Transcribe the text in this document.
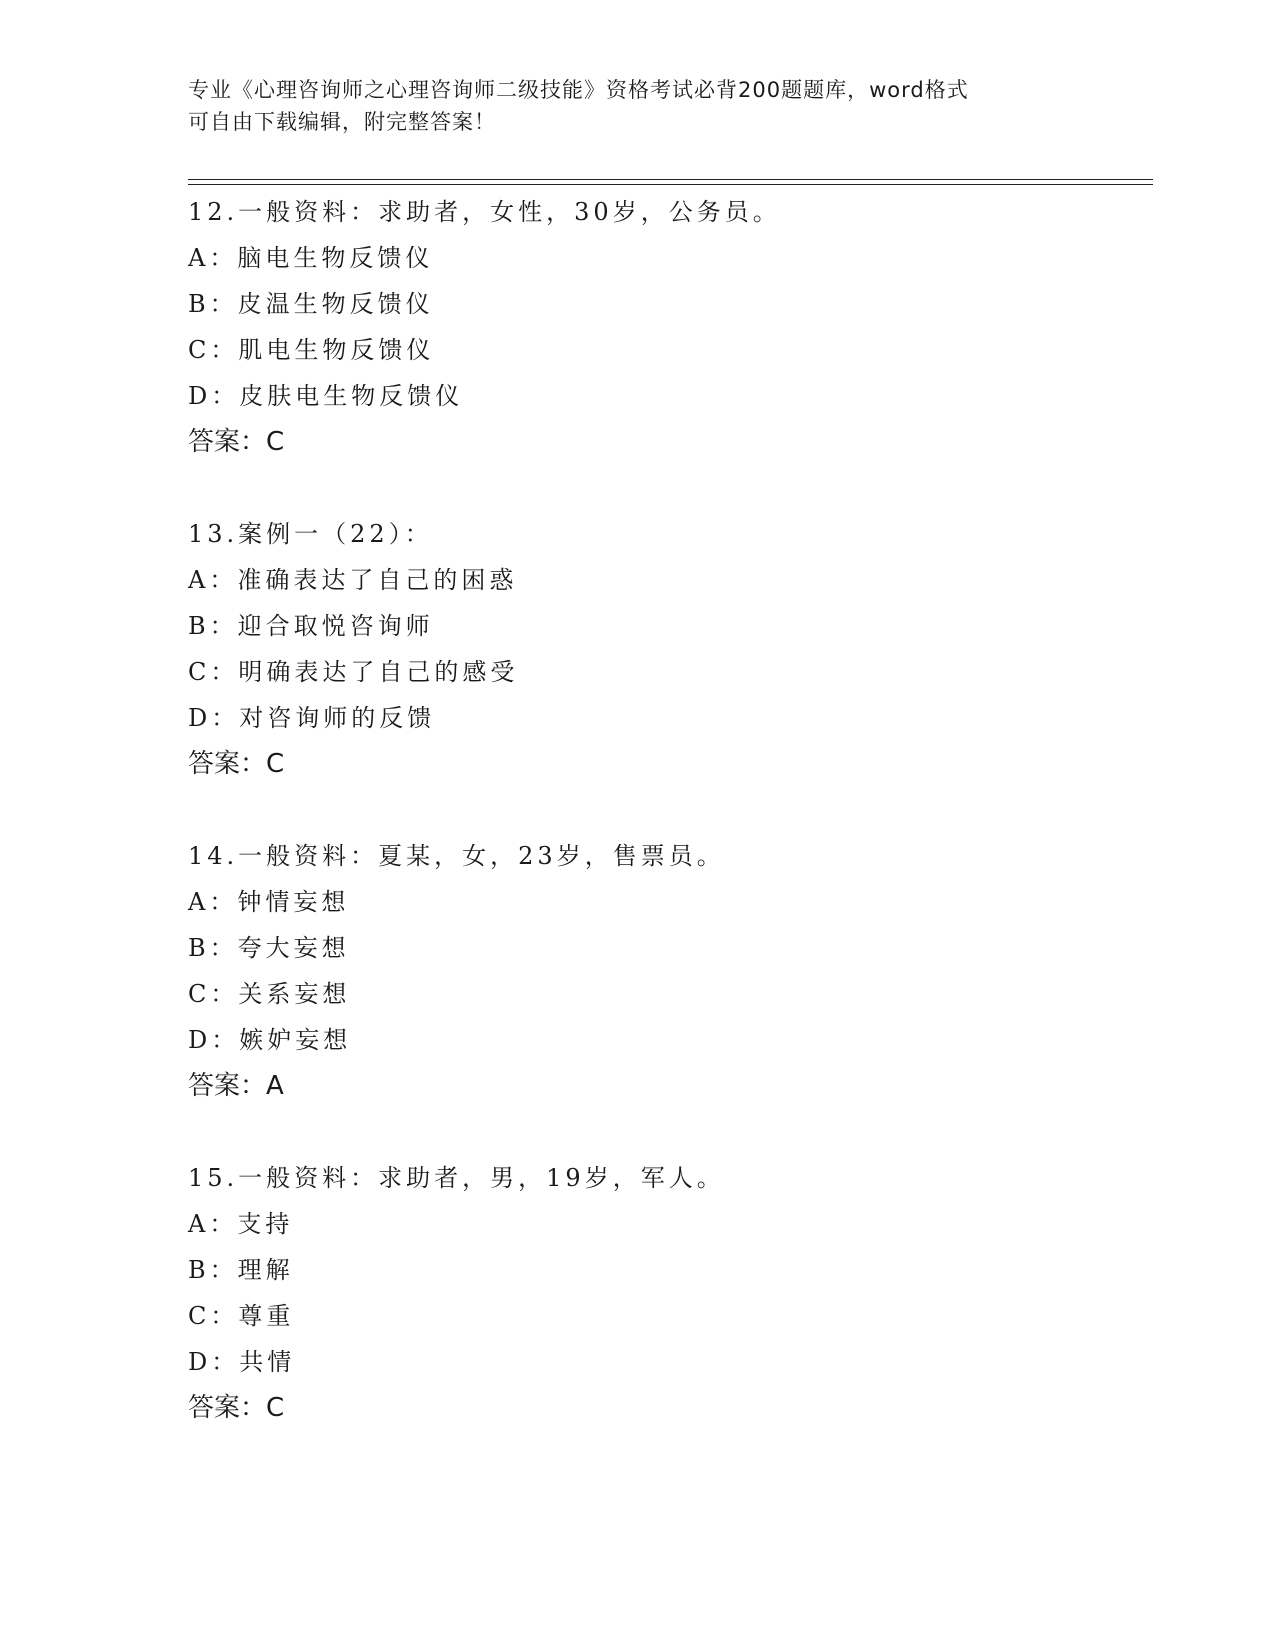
专业《心理咨询师之心理咨询师二级技能》资格考试必背200题题库，word格式
可自由下载编辑，附完整答案！
12.一般资料：求助者，女性，30岁，公务员。
A：脑电生物反馈仪
B：皮温生物反馈仪
C：肌电生物反馈仪
D：皮肤电生物反馈仪
答案：C
13.案例一（22）：
A：准确表达了自己的困惑
B：迎合取悦咨询师
C：明确表达了自己的感受
D：对咨询师的反馈
答案：C
14.一般资料：夏某，女，23岁，售票员。
A：钟情妄想
B：夸大妄想
C：关系妄想
D：嫉妒妄想
答案：A
15.一般资料：求助者，男，19岁，军人。
A：支持
B：理解
C：尊重
D：共情
答案：C
